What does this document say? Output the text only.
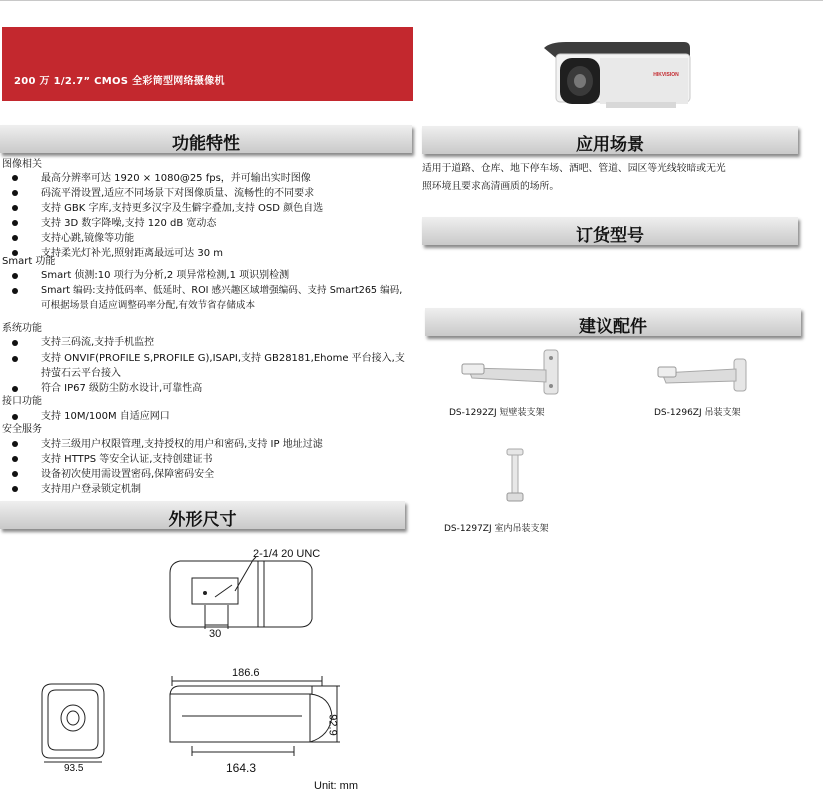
200 万 1/2.7” CMOS 全彩筒型网络摄像机
HIKVISION
功能特性	应用场景
订货型号
建议配件
外形尺寸
图像相关
最高分辨率可达 1920 × 1080@25 fps，并可输出实时图像
码流平滑设置,适应不同场景下对图像质量、流畅性的不同要求
支持 GBK 字库,支持更多汉字及生僻字叠加,支持 OSD 颜色自选
支持 3D 数字降噪,支持 120 dB 宽动态
支持心跳,镜像等功能
支持柔光灯补光,照射距离最远可达 30 m
Smart 功能
Smart 侦测:10 项行为分析,2 项异常检测,1 项识别检测
Smart 编码:支持低码率、低延时、ROI 感兴趣区域增强编码、支持 Smart265 编码,可根据场景自适应调整码率分配,有效节省存储成本
系统功能
支持三码流,支持手机监控
支持 ONVIF(PROFILE S,PROFILE G),ISAPI,支持 GB28181,Ehome 平台接入,支持萤石云平台接入
符合 IP67 级防尘防水设计,可靠性高
接口功能
支持 10M/100M 自适应网口
安全服务
支持三级用户权限管理,支持授权的用户和密码,支持 IP 地址过滤
支持 HTTPS 等安全认证,支持创建证书
设备初次使用需设置密码,保障密码安全
支持用户登录锁定机制
适用于道路、仓库、地下停车场、酒吧、管道、园区等光线较暗或无光
照环境且要求高清画质的场所。
DS-1292ZJ 短壁装支架	DS-1296ZJ 吊装支架
DS-1297ZJ 室内吊装支架
2-1/4 20 UNC
30
93.5
186.6
92.9
164.3
Unit: mm
